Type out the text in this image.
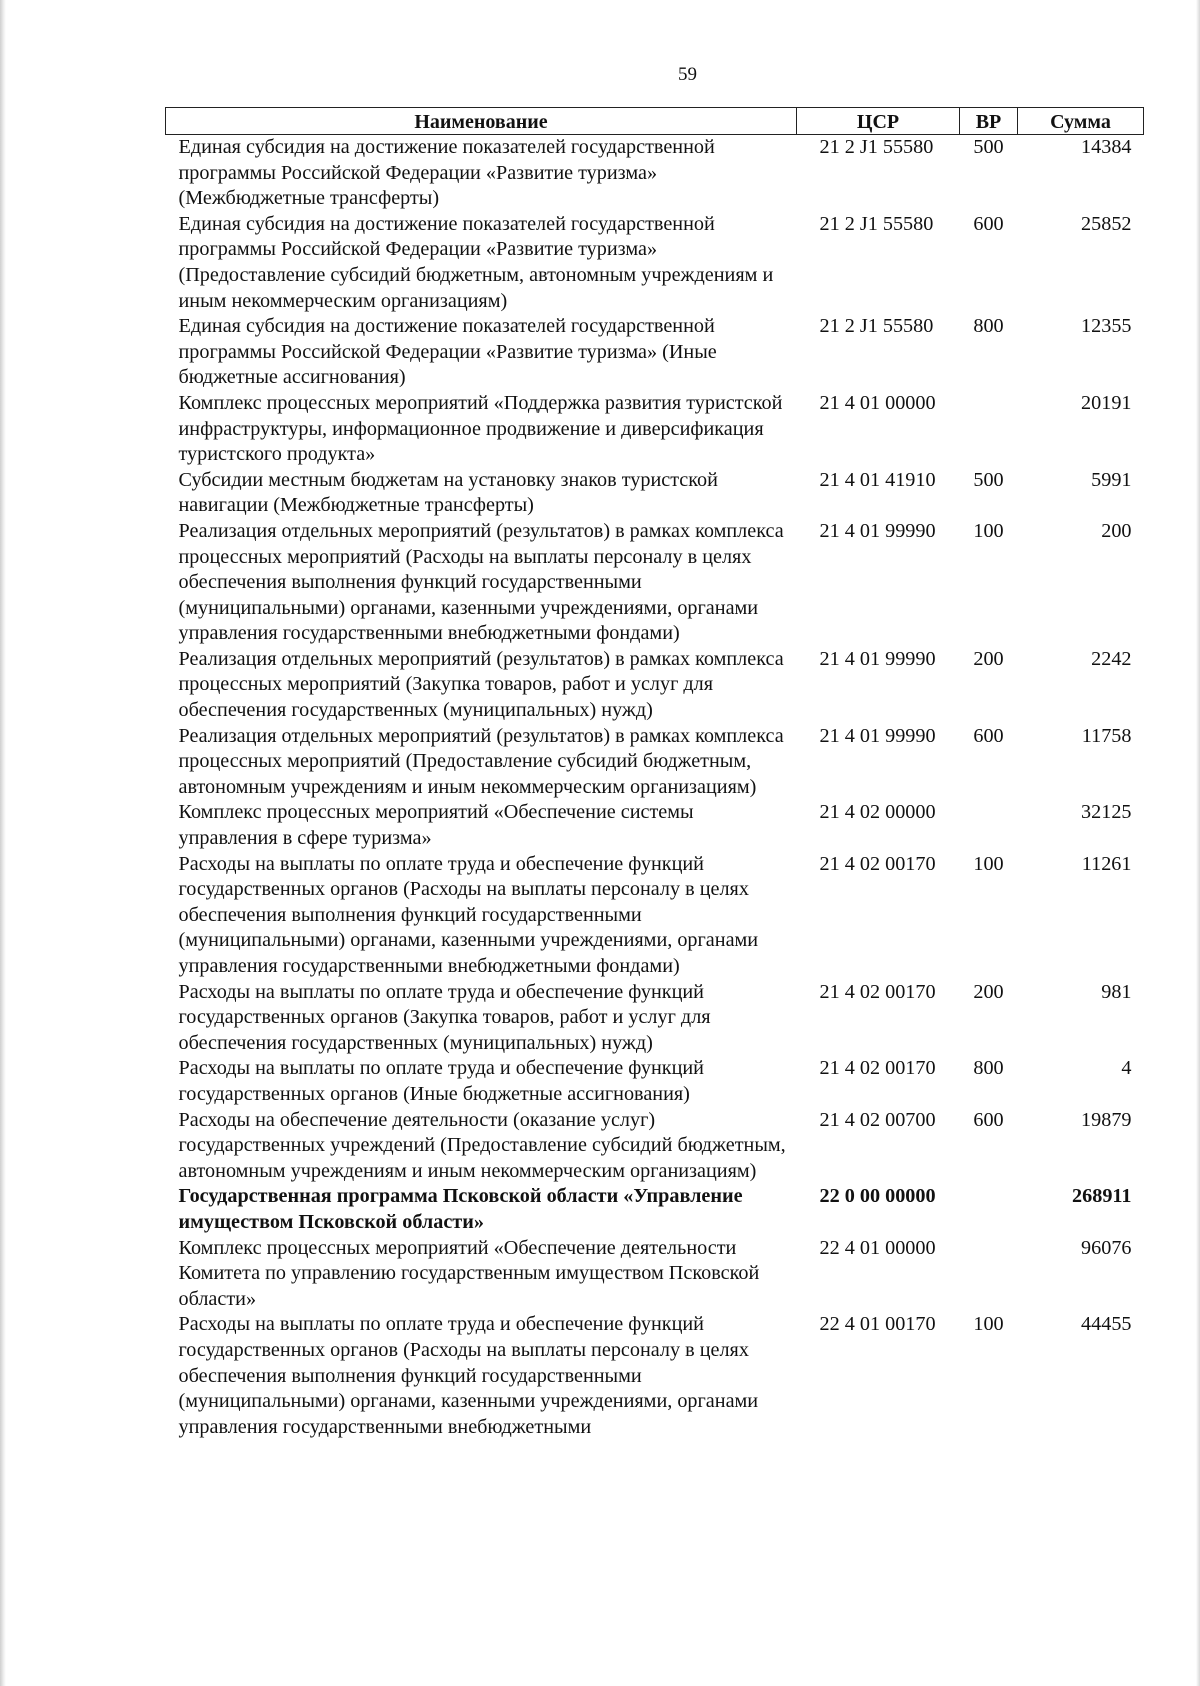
59
Наименование	ЦСР	ВР	Сумма
Единая субсидия на достижение показателей государственной программы Российской Федерации «Развитие туризма» (Межбюджетные трансферты)	21 2 J1 55580	500	14384
Единая субсидия на достижение показателей государственной программы Российской Федерации «Развитие туризма» (Предоставление субсидий бюджетным, автономным учреждениям и иным некоммерческим организациям)	21 2 J1 55580	600	25852
Единая субсидия на достижение показателей государственной программы Российской Федерации «Развитие туризма» (Иные бюджетные ассигнования)	21 2 J1 55580	800	12355
Комплекс процессных мероприятий «Поддержка развития туристской инфраструктуры, информационное продвижение и диверсификация туристского продукта»	21 4 01 00000		20191
Субсидии местным бюджетам на установку знаков туристской навигации (Межбюджетные трансферты)	21 4 01 41910	500	5991
Реализация отдельных мероприятий (результатов) в рамках комплекса процессных мероприятий (Расходы на выплаты персоналу в целях обеспечения выполнения функций государственными (муниципальными) органами, казенными учреждениями, органами управления государственными внебюджетными фондами)	21 4 01 99990	100	200
Реализация отдельных мероприятий (результатов) в рамках комплекса процессных мероприятий (Закупка товаров, работ и услуг для обеспечения государственных (муниципальных) нужд)	21 4 01 99990	200	2242
Реализация отдельных мероприятий (результатов) в рамках комплекса процессных мероприятий (Предоставление субсидий бюджетным, автономным учреждениям и иным некоммерческим организациям)	21 4 01 99990	600	11758
Комплекс процессных мероприятий «Обеспечение системы управления в сфере туризма»	21 4 02 00000		32125
Расходы на выплаты по оплате труда и обеспечение функций государственных органов (Расходы на выплаты персоналу в целях обеспечения выполнения функций государственными (муниципальными) органами, казенными учреждениями, органами управления государственными внебюджетными фондами)	21 4 02 00170	100	11261
Расходы на выплаты по оплате труда и обеспечение функций государственных органов (Закупка товаров, работ и услуг для обеспечения государственных (муниципальных) нужд)	21 4 02 00170	200	981
Расходы на выплаты по оплате труда и обеспечение функций государственных органов (Иные бюджетные ассигнования)	21 4 02 00170	800	4
Расходы на обеспечение деятельности (оказание услуг) государственных учреждений (Предоставление субсидий бюджетным, автономным учреждениям и иным некоммерческим организациям)	21 4 02 00700	600	19879
Государственная программа Псковской области «Управление имуществом Псковской области»	22 0 00 00000		268911
Комплекс процессных мероприятий «Обеспечение деятельности Комитета по управлению государственным имуществом Псковской области»	22 4 01 00000		96076
Расходы на выплаты по оплате труда и обеспечение функций государственных органов (Расходы на выплаты персоналу в целях обеспечения выполнения функций государственными (муниципальными) органами, казенными учреждениями, органами управления государственными внебюджетными	22 4 01 00170	100	44455
